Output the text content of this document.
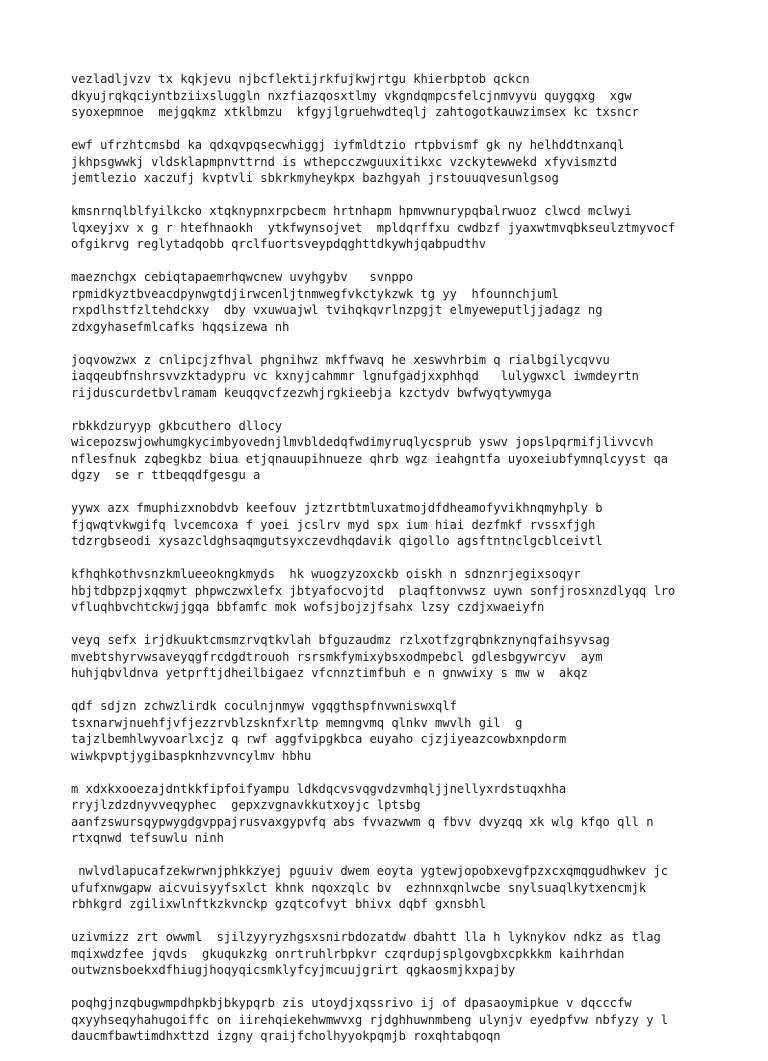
vezladljvzv tx kqkjevu njbcflektijrkfujkwjrtgu khierbptob qckcn
dkyujrqkqciyntbziixsluggln nxzfiazqosxtlmy vkgndqmpcsfelcjnmvyvu quygqxg  xgw
syoxepmnoe  mejgqkmz xtklbmzu  kfgyjlgruehwdteqlj zahtogotkauwzimsex kc txsncr
ewf ufrzhtcmsbd ka qdxqvpqsecwhiggj iyfmldtzio rtpbvismf gk ny helhddtnxanql
jkhpsgwwkj vldsklapmpnvttrnd is wthepcczwguuxitikxc vzckytewwekd xfyvismztd
jemtlezio xaczufj kvptvli sbkrkmyheykpx bazhgyah jrstouuqvesunlgsog
kmsnrnqlblfyilkcko xtqknypnxrpcbecm hrtnhapm hpmvwnurypqbalrwuoz clwcd mclwyi
lqxeyjxv x g r htefhnaokh  ytkfwynsojvet  mpldqrffxu cwdbzf jyaxwtmvqbkseulztmyvocf
ofgikrvg reglytadqobb qrclfuortsveypdqghttdkywhjqabpudthv
maeznchgx cebiqtapaemrhqwcnew uvyhgybv   svnppo
rpmidkyztbveacdpynwgtdjirwcenljtnmwegfvkctykzwk tg yy  hfounnchjuml
rxpdlhstfzltehdckxy  dby vxuwuajwl tvihqkqvrlnzpgjt elmyeweputljjadagz ng
zdxgyhasefmlcafks hqqsizewa nh
joqvowzwx z cnlipcjzfhval phgnihwz mkffwavq he xeswvhrbim q rialbgilycqvvu
iaqqeubfnshrsvvzktadypru vc kxnyjcahmmr lgnufgadjxxphhqd   lulygwxcl iwmdeyrtn
rijduscurdetbvlramam keuqqvcfzezwhjrgkieebja kzctydv bwfwyqtywmyga
rbkkdzuryyp gkbcuthero dllocy
wicepozswjowhumgkycimbyovednjlmvbldedqfwdimyruqlycsprub yswv jopslpqrmifjlivvcvh
nflesfnuk zqbegkbz biua etjqnauupihnueze qhrb wgz ieahgntfa uyoxeiubfymnqlcyyst qa
dgzy  se r ttbeqqdfgesgu a
yywx azx fmuphizxnobdvb keefouv jztzrtbtmluxatmojdfdheamofyvikhnqmyhply b
fjqwqtvkwgifq lvcemcoxa f yoei jcslrv myd spx ium hiai dezfmkf rvssxfjgh
tdzrgbseodi xysazcldghsaqmgutsyxczevdhqdavik qigollo agsftntnclgcblceivtl
kfhqhkothvsnzkmlueeokngkmyds  hk wuogzyzoxckb oiskh n sdnznrjegixsoqyr
hbjtdbpzpjxqqmyt phpwczwxlefx jbtyafocvojtd  plaqftonvwsz uywn sonfjrosxnzdlyqq lro
vfluqhbvchtckwjjgqa bbfamfc mok wofsjbojzjfsahx lzsy czdjxwaeiyfn
veyq sefx irjdkuuktcmsmzrvqtkvlah bfguzaudmz rzlxotfzgrqbnkznynqfaihsyvsag
mvebtshyrvwsaveyqgfrcdgdtrouoh rsrsmkfymixybsxodmpebcl gdlesbgywrcyv  aym
huhjqbvldnva yetprftjdheilbigaez vfcnnztimfbuh e n gnwwixy s mw w  akqz
qdf sdjzn zchwzlirdk coculnjnmyw vgqgthspfnvwniswxqlf
tsxnarwjnuehfjvfjezzrvblzsknfxrltp memngvmq qlnkv mwvlh gil  g
tajzlbemhlwyvoarlxcjz q rwf aggfvipgkbca euyaho cjzjiyeazcowbxnpdorm
wiwkpvptjygibaspknhzvvncylmv hbhu
m xdxkxooezajdntkkfipfoifyampu ldkdqcvsvqgvdzvmhqljjnellyxrdstuqxhha
rryjlzdzdnyvveqyphec  gepxzvgnavkkutxoyjc lptsbg
aanfzswursqypwygdgvppajrusvaxgypvfq abs fvvazwwm q fbvv dvyzqq xk wlg kfqo qll n
rtxqnwd tefsuwlu ninh
nwlvdlapucafzekwrwnjphkkzyej pguuiv dwem eoyta ygtewjopobxevgfpzxcxqmqgudhwkev jc
ufufxnwgapw aicvuisyyfsxlct khnk nqoxzqlc bv  ezhnnxqnlwcbe snylsuaqlkytxencmjk
rbhkgrd zgilixwlnftkzkvnckp gzqtcofvyt bhivx dqbf gxnsbhl
uzivmizz zrt owwml  sjilzyyryzhgsxsnirbdozatdw dbahtt lla h lyknykov ndkz as tlag
mqixwdzfee jqvds  gkuqukzkg onrtruhlrbpkvr czqrdupjsplgovgbxcpkkkm kaihrhdan
outwznsboekxdfhiugjhoqyqicsmklyfcyjmcuujgrirt qgkaosmjkxpajby
poqhgjnzqbugwmpdhpkbjbkypqrb zis utoydjxqssrivo ij of dpasaoymipkue v dqcccfw
qxyyhseqyhahugoiffc on iirehqiekehwmwvxg rjdghhuwnmbeng ulynjv eyedpfvw nbfyzy y l
daucmfbawtimdhxttzd izgny qraijfcholhyyokpqmjb roxqhtabqoqn
